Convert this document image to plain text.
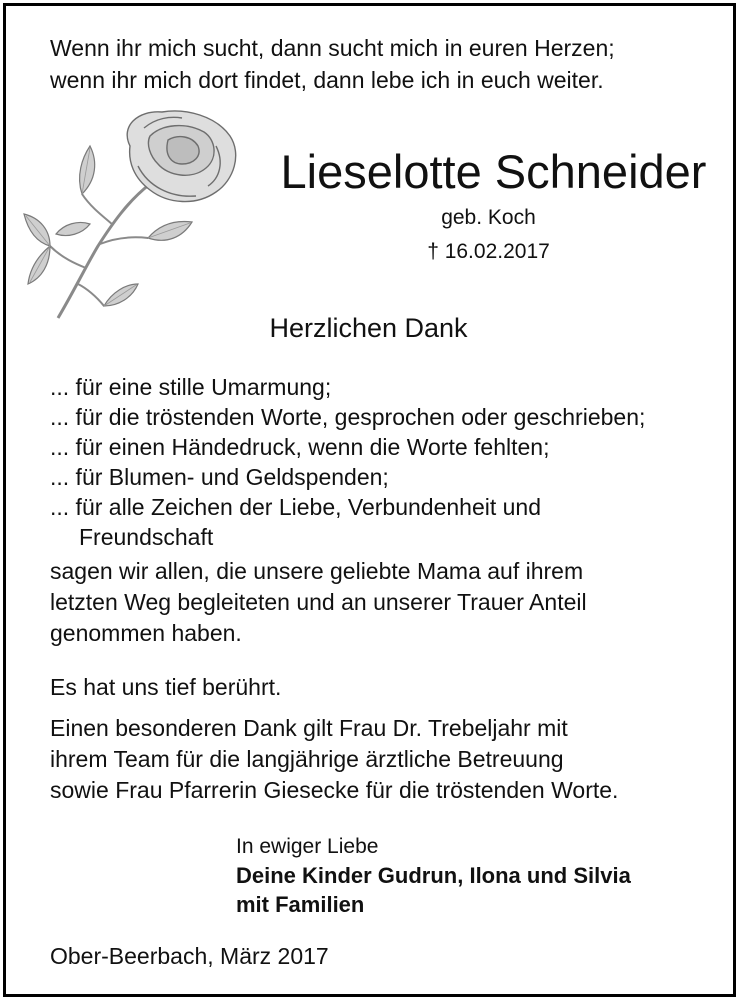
Wenn ihr mich sucht, dann sucht mich in euren Herzen;
wenn ihr mich dort findet, dann lebe ich in euch weiter.
Lieselotte Schneider
geb. Koch
† 16.02.2017
Herzlichen Dank
... für eine stille Umarmung;
... für die tröstenden Worte, gesprochen oder geschrieben;
... für einen Händedruck, wenn die Worte fehlten;
... für Blumen- und Geldspenden;
... für alle Zeichen der Liebe, Verbundenheit und
Freundschaft
sagen wir allen, die unsere geliebte Mama auf ihrem
letzten Weg begleiteten und an unserer Trauer Anteil
genommen haben.
Es hat uns tief berührt.
Einen besonderen Dank gilt Frau Dr. Trebeljahr mit
ihrem Team für die langjährige ärztliche Betreuung
sowie Frau Pfarrerin Giesecke für die tröstenden Worte.
In ewiger Liebe
Deine Kinder Gudrun, Ilona und Silvia
mit Familien
Ober-Beerbach, März 2017
